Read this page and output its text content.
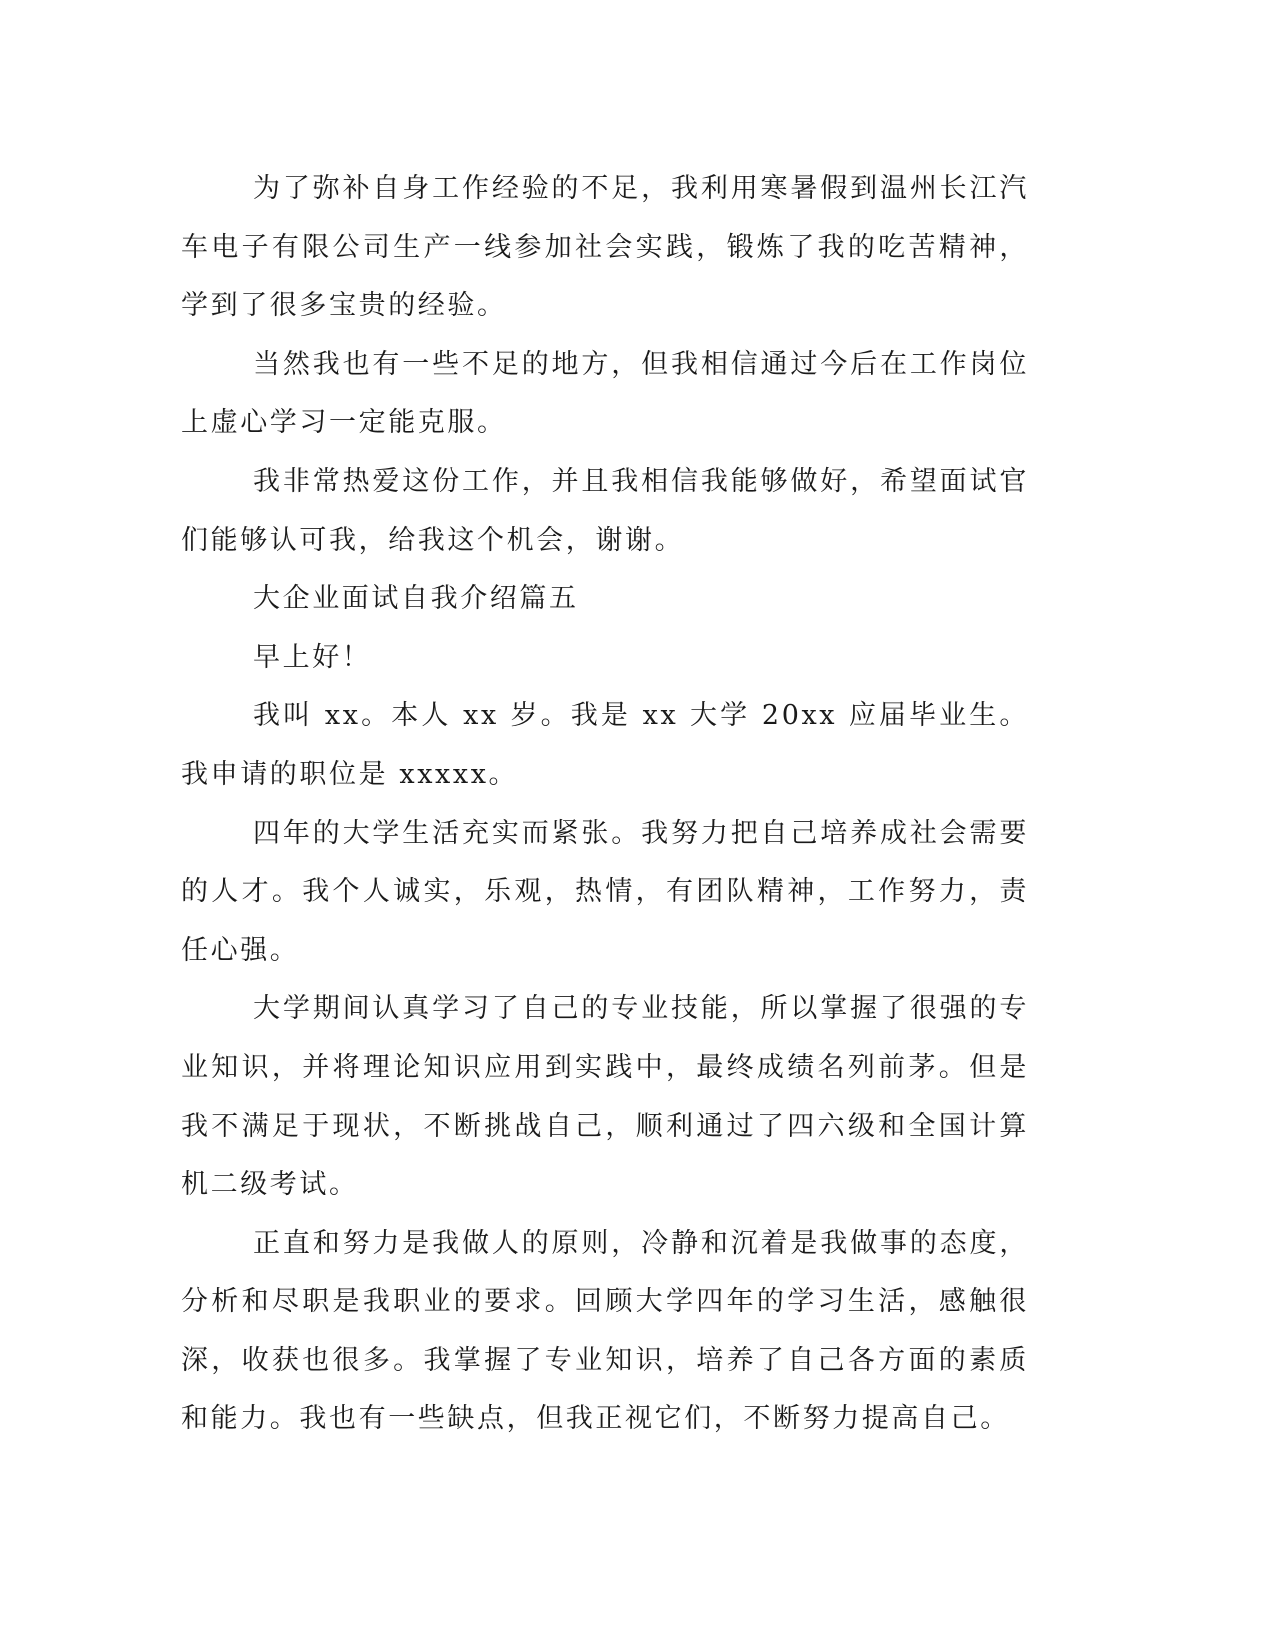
为了弥补自身工作经验的不足，我利用寒暑假到温州长江汽车电子有限公司生产一线参加社会实践，锻炼了我的吃苦精神，学到了很多宝贵的经验。

当然我也有一些不足的地方，但我相信通过今后在工作岗位上虚心学习一定能克服。

我非常热爱这份工作，并且我相信我能够做好，希望面试官们能够认可我，给我这个机会，谢谢。

大企业面试自我介绍篇五

早上好！

我叫 xx。本人 xx 岁。我是 xx 大学 20xx 应届毕业生。我申请的职位是 xxxxx。

四年的大学生活充实而紧张。我努力把自己培养成社会需要的人才。我个人诚实，乐观，热情，有团队精神，工作努力，责任心强。

大学期间认真学习了自己的专业技能，所以掌握了很强的专业知识，并将理论知识应用到实践中，最终成绩名列前茅。但是我不满足于现状，不断挑战自己，顺利通过了四六级和全国计算机二级考试。

正直和努力是我做人的原则，冷静和沉着是我做事的态度，分析和尽职是我职业的要求。回顾大学四年的学习生活，感触很深，收获也很多。我掌握了专业知识，培养了自己各方面的素质和能力。我也有一些缺点，但我正视它们，不断努力提高自己。
